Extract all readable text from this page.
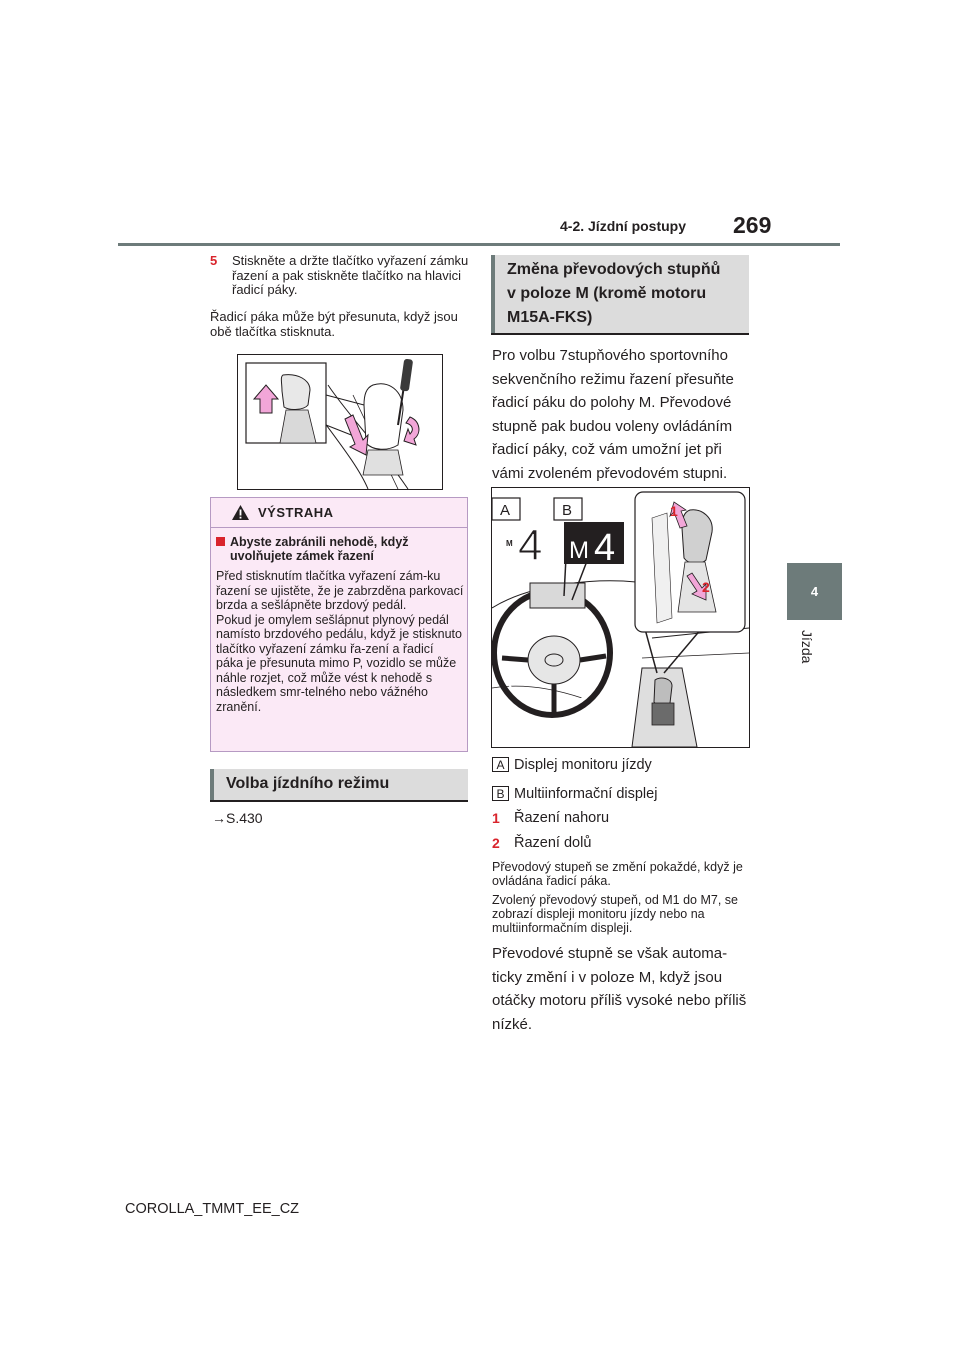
4-2. Jízdní postupy 269
4
Jízda
5 Stiskněte a držte tlačítko vyřazení zámku řazení a pak stiskněte tlačítko na hlavici řadicí páky.
Řadicí páka může být přesunuta, když jsou obě tlačítka stisknuta.
VÝSTRAHA
Abyste zabránili nehodě, když uvolňujete zámek řazení
Před stisknutím tlačítka vyřazení zám-ku řazení se ujistěte, že je zabrzděna parkovací brzda a sešlápněte brzdový pedál.
Pokud je omylem sešlápnut plynový pedál namísto brzdového pedálu, když je stisknuto tlačítko vyřazení zámku řa-zení a řadicí páka je přesunuta mimo P, vozidlo se může náhle rozjet, což může vést k nehodě s následkem smr-telného nebo vážného zranění.
Volba jízdního režimu
→S.430
Změna převodových stupňů
v poloze M (kromě motoru
M15A-FKS)
Pro volbu 7stupňového sportovního sekvenčního režimu řazení přesuňte řadicí páku do polohy M. Převodové stupně pak budou voleny ovládáním řadicí páky, což vám umožní jet při vámi zvoleném převodovém stupni.
A
M 4
B
M 4
1
2
A Displej monitoru jízdy
B Multiinformační displej
1 Řazení nahoru
2 Řazení dolů
Převodový stupeň se změní pokaždé, když je ovládána řadicí páka.
Zvolený převodový stupeň, od M1 do M7, se zobrazí displeji monitoru jízdy nebo na multiinformačním displeji.
Převodové stupně se však automa-ticky změní i v poloze M, když jsou otáčky motoru příliš vysoké nebo příliš nízké.
COROLLA_TMMT_EE_CZ
